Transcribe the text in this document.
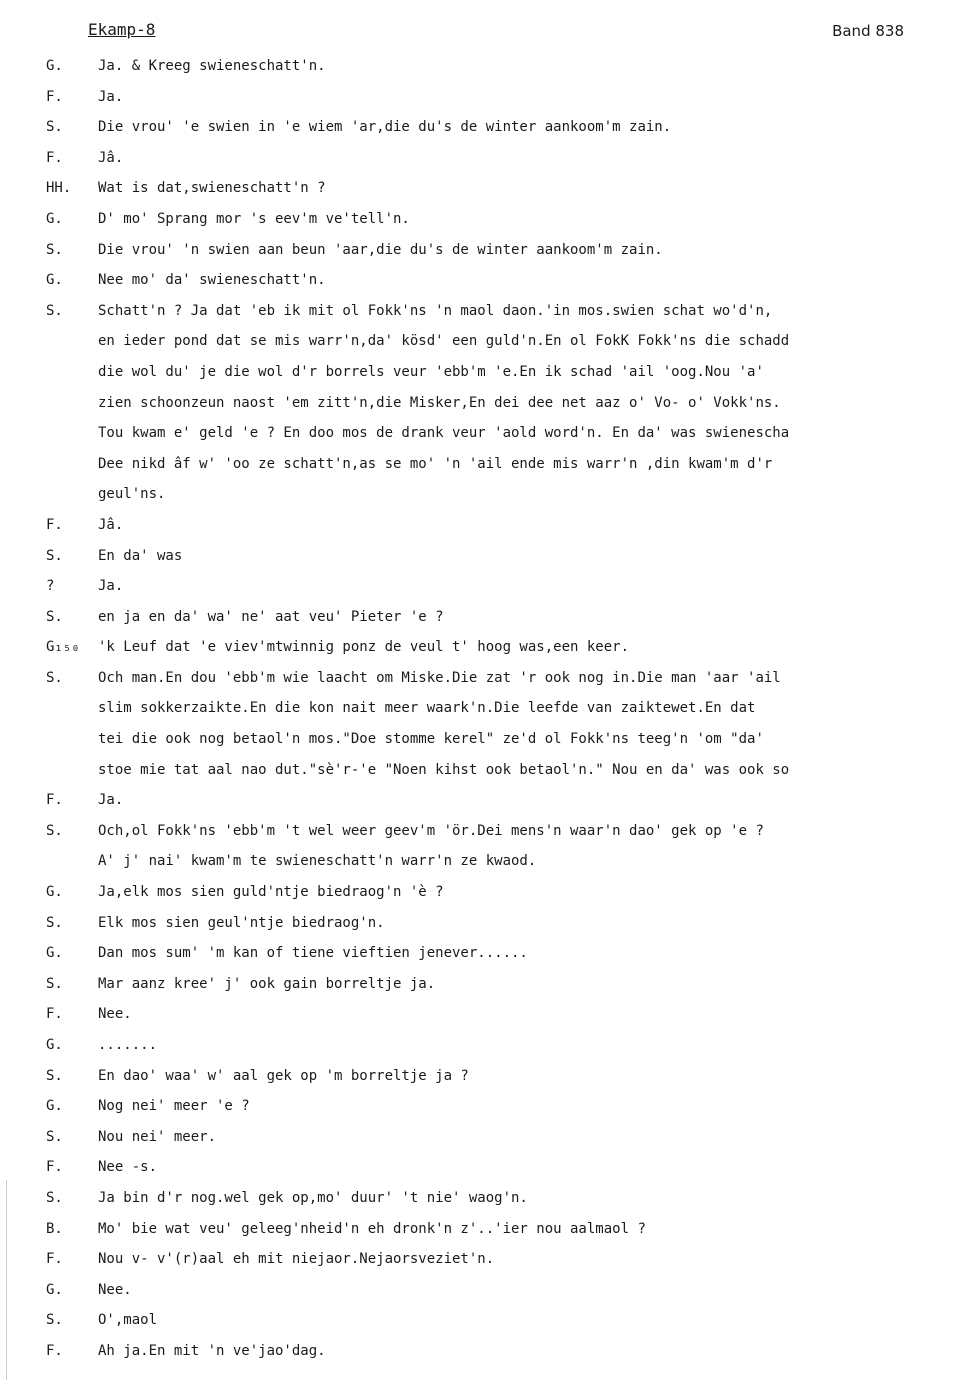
Ekamp-8	Band 838
G.	Ja. & Kreeg swieneschatt'n.
F.	Ja.
S.	Die vrou' 'e swien in 'e wiem 'ar,die du's de winter aankoom'm zain.
F.	Jâ.
HH. Wat is dat,swieneschatt'n ?
G.	D' mo' Sprang mor 's eev'm ve'tell'n.
S.	Die vrou' 'n swien aan beun 'aar,die du's de winter aankoom'm zain.
G.	Nee mo' da' swieneschatt'n.
S.	Schatt'n ? Ja dat 'eb ik mit ol Fokk'ns 'n maol daon.'in mos.swien schat wo'd'n,
en ieder pond dat se mis warr'n,da' kösd' een guld'n.En ol FokK Fokk'ns die schadd
die wol du' je die wol d'r borrels veur 'ebb'm 'e.En ik schad 'ail 'oog.Nou 'a'
zien schoonzeun naost 'em zitt'n,die Misker,En dei dee net aaz o' Vo- o' Vokk'ns.
Tou kwam e' geld 'e ? En doo mos de drank veur 'aold word'n. En da' was swienescha
Dee nikd âf w' 'oo ze schatt'n,as se mo' 'n 'ail ende mis warr'n ,din kwam'm d'r
geul'ns.
F.	Jâ.
S.	En da' was
?	Ja.
S.	en ja en da' wa' ne' aat veu' Pieter 'e ?
G₁₅₀ 'k Leuf dat 'e viev'mtwinnig ponz de veul t' hoog was,een keer.
S.	Och man.En dou 'ebb'm wie laacht om Miske.Die zat 'r ook nog in.Die man 'aar 'ail
slim sokkerzaikte.En die kon nait meer waark'n.Die leefde van zaiktewet.En dat
tei die ook nog betaol'n mos."Doe stomme kerel" ze'd ol Fokk'ns teeg'n 'om "da'
stoe mie tat aal nao dut."sè'r-'e "Noen kihst ook betaol'n." Nou en da' was ook so
F.	Ja.
S.	Och,ol Fokk'ns 'ebb'm 't wel weer geev'm 'ör.Dei mens'n waar'n dao' gek op 'e ?
A' j' nai' kwam'm te swieneschatt'n warr'n ze kwaod.
G.	Ja,elk mos sien guld'ntje biedraog'n 'è ?
S.	Elk mos sien geul'ntje biedraog'n.
G.	Dan mos sum' 'm kan of tiene vieftien jenever......
S.	Mar aanz kree' j' ook gain borreltje ja.
F.	Nee.
G.	.......
S.	En dao' waa' w' aal gek op 'm borreltje ja ?
G.	Nog nei' meer 'e ?
S.	Nou nei' meer.
F.	Nee -s.
S.	Ja bin d'r nog.wel gek op,mo' duur' 't nie' waog'n.
B.	Mo' bie wat veu' geleeg'nheid'n eh dronk'n z'..'ier nou aalmaol ?
F.	Nou v- v'(r)aal eh mit niejaor.Nejaorsveziet'n.
G.	Nee.
S.	O',maol
F.	Ah ja.En mit 'n ve'jao'dag.
